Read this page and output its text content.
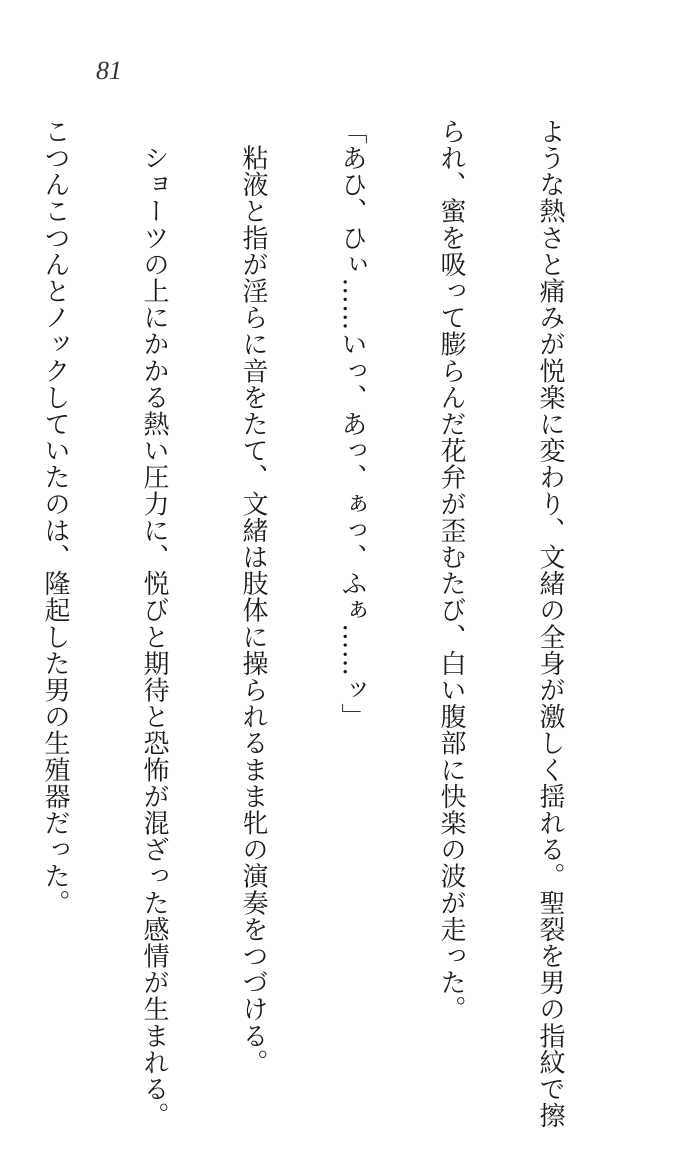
81

ような熱さと痛みが悦楽に変わり、文緒の全身が激しく揺れる。聖裂を男の指紋で擦

られ、蜜を吸って膨らんだ花弁が歪むたび、白い腹部に快楽の波が走った。

「あひ、ひぃ……いっ、あっ、ぁっ、ふぁ……ッ」

　粘液と指が淫らに音をたて、文緒は肢体に操られるまま牝の演奏をつづける。

　ショーツの上にかかる熱い圧力に、悦びと期待と恐怖が混ざった感情が生まれる。

こつんこつんとノックしていたのは、隆起した男の生殖器だった。
